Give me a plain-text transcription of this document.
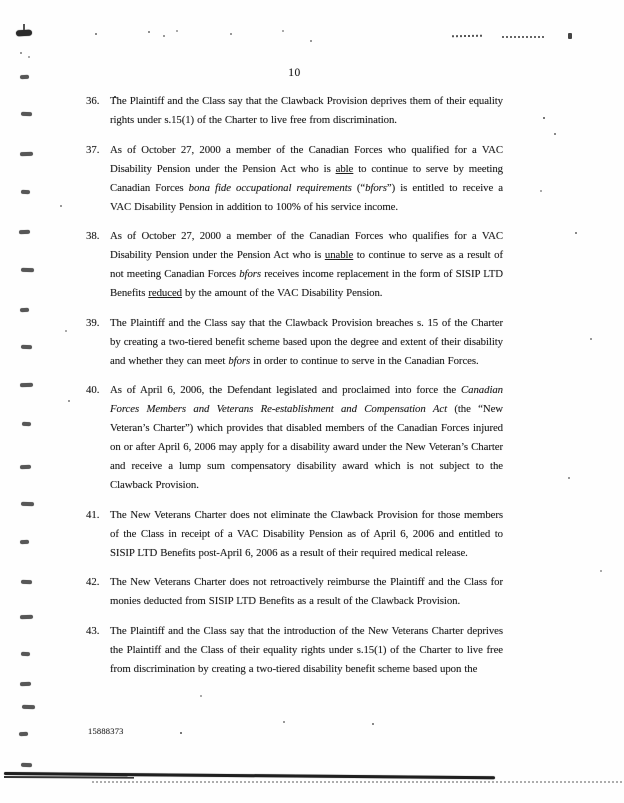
10
36. The Plaintiff and the Class say that the Clawback Provision deprives them of their equality rights under s.15(1) of the Charter to live free from discrimination.
37. As of October 27, 2000 a member of the Canadian Forces who qualified for a VAC Disability Pension under the Pension Act who is able to continue to serve by meeting Canadian Forces bona fide occupational requirements (“bfors”) is entitled to receive a VAC Disability Pension in addition to 100% of his service income.
38. As of October 27, 2000 a member of the Canadian Forces who qualifies for a VAC Disability Pension under the Pension Act who is unable to continue to serve as a result of not meeting Canadian Forces bfors receives income replacement in the form of SISIP LTD Benefits reduced by the amount of the VAC Disability Pension.
39. The Plaintiff and the Class say that the Clawback Provision breaches s. 15 of the Charter by creating a two-tiered benefit scheme based upon the degree and extent of their disability and whether they can meet bfors in order to continue to serve in the Canadian Forces.
40. As of April 6, 2006, the Defendant legislated and proclaimed into force the Canadian Forces Members and Veterans Re-establishment and Compensation Act (the “New Veteran’s Charter”) which provides that disabled members of the Canadian Forces injured on or after April 6, 2006 may apply for a disability award under the New Veteran’s Charter and receive a lump sum compensatory disability award which is not subject to the Clawback Provision.
41. The New Veterans Charter does not eliminate the Clawback Provision for those members of the Class in receipt of a VAC Disability Pension as of April 6, 2006 and entitled to SISIP LTD Benefits post-April 6, 2006 as a result of their required medical release.
42. The New Veterans Charter does not retroactively reimburse the Plaintiff and the Class for monies deducted from SISIP LTD Benefits as a result of the Clawback Provision.
43. The Plaintiff and the Class say that the introduction of the New Veterans Charter deprives the Plaintiff and the Class of their equality rights under s.15(1) of the Charter to live free from discrimination by creating a two-tiered disability benefit scheme based upon the
15888373
